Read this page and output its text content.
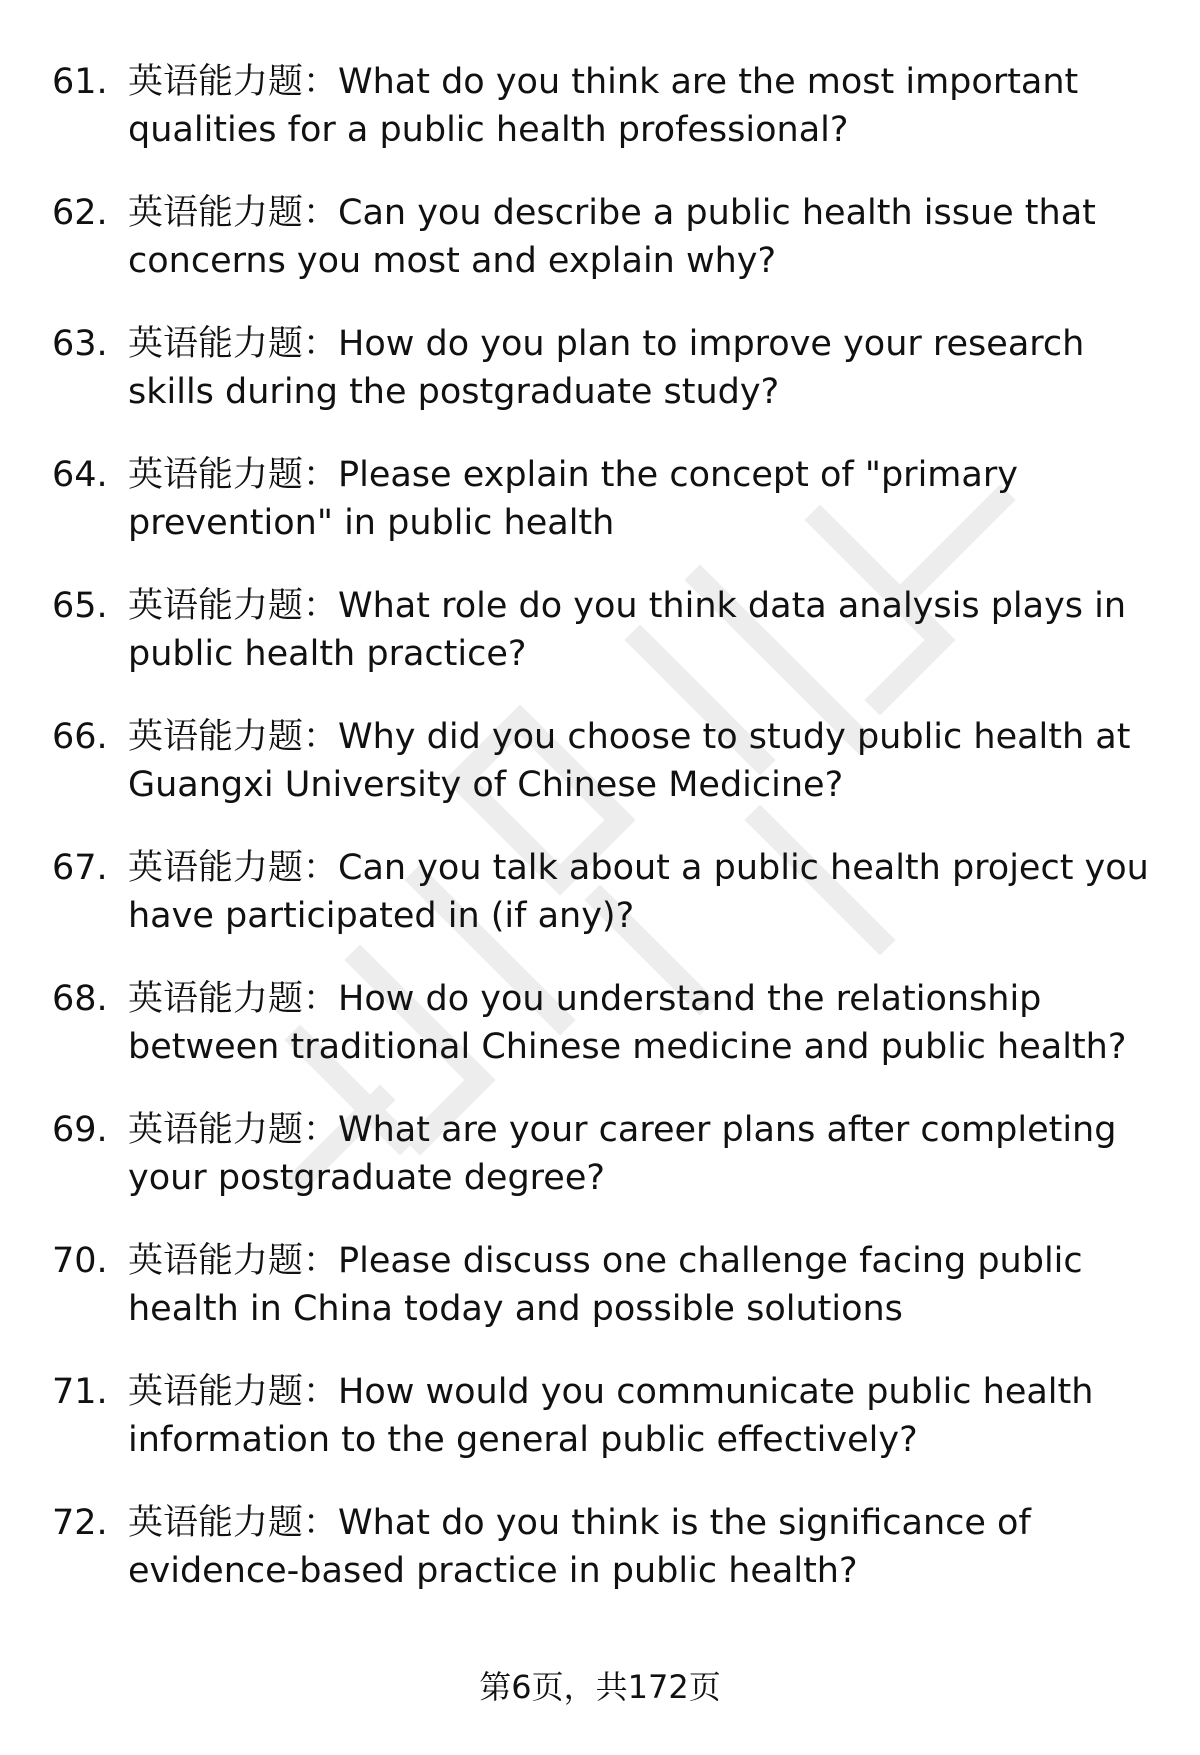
61. 英语能力题：What do you think are the most important qualities for a public health professional?
62. 英语能力题：Can you describe a public health issue that concerns you most and explain why?
63. 英语能力题：How do you plan to improve your research skills during the postgraduate study?
64. 英语能力题：Please explain the concept of "primary prevention" in public health
65. 英语能力题：What role do you think data analysis plays in public health practice?
66. 英语能力题：Why did you choose to study public health at Guangxi University of Chinese Medicine?
67. 英语能力题：Can you talk about a public health project you have participated in (if any)?
68. 英语能力题：How do you understand the relationship between traditional Chinese medicine and public health?
69. 英语能力题：What are your career plans after completing your postgraduate degree?
70. 英语能力题：Please discuss one challenge facing public health in China today and possible solutions
71. 英语能力题：How would you communicate public health information to the general public effectively?
72. 英语能力题：What do you think is the significance of evidence-based practice in public health?
第6页，共172页
